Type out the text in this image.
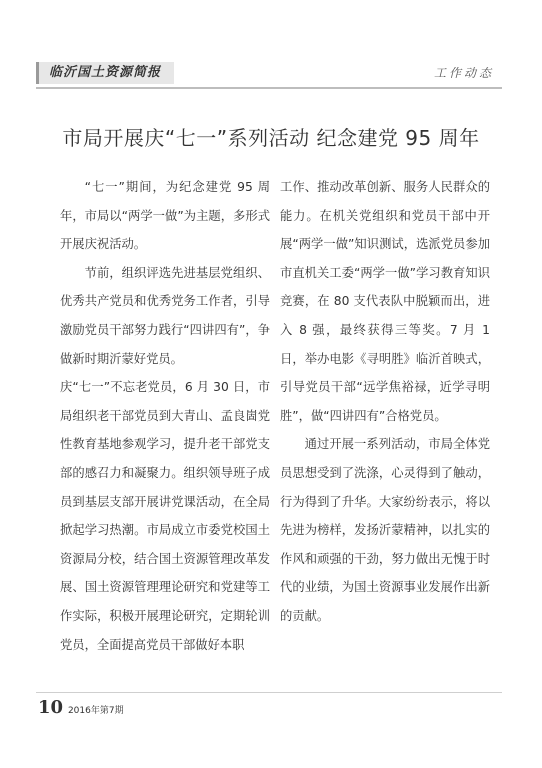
临沂国土资源简报	工作动态
市局开展庆“七一”系列活动 纪念建党 95 周年

“七一”期间，为纪念建党 95 周年，市局以“两学一做”为主题，多形式开展庆祝活动。

节前，组织评选先进基层党组织、优秀共产党员和优秀党务工作者，引导激励党员干部努力践行“四讲四有”，争做新时期沂蒙好党员。

庆“七一”不忘老党员，6 月 30 日，市局组织老干部党员到大青山、孟良崮党性教育基地参观学习，提升老干部党支部的感召力和凝聚力。组织领导班子成员到基层支部开展讲党课活动，在全局掀起学习热潮。市局成立市委党校国土资源局分校，结合国土资源管理改革发展、国土资源管理理论研究和党建等工作实际，积极开展理论研究，定期轮训党员，全面提高党员干部做好本职

工作、推动改革创新、服务人民群众的能力。在机关党组织和党员干部中开展“两学一做”知识测试，选派党员参加市直机关工委“两学一做”学习教育知识竞赛，在 80 支代表队中脱颖而出，进入 8 强，最终获得三等奖。7 月 1 日，举办电影《寻明胜》临沂首映式，引导党员干部“远学焦裕禄，近学寻明胜”，做“四讲四有”合格党员。

通过开展一系列活动，市局全体党员思想受到了洗涤，心灵得到了触动，行为得到了升华。大家纷纷表示，将以先进为榜样，发扬沂蒙精神，以扎实的作风和顽强的干劲，努力做出无愧于时代的业绩，为国土资源事业发展作出新的贡献。

10 2016年第7期
